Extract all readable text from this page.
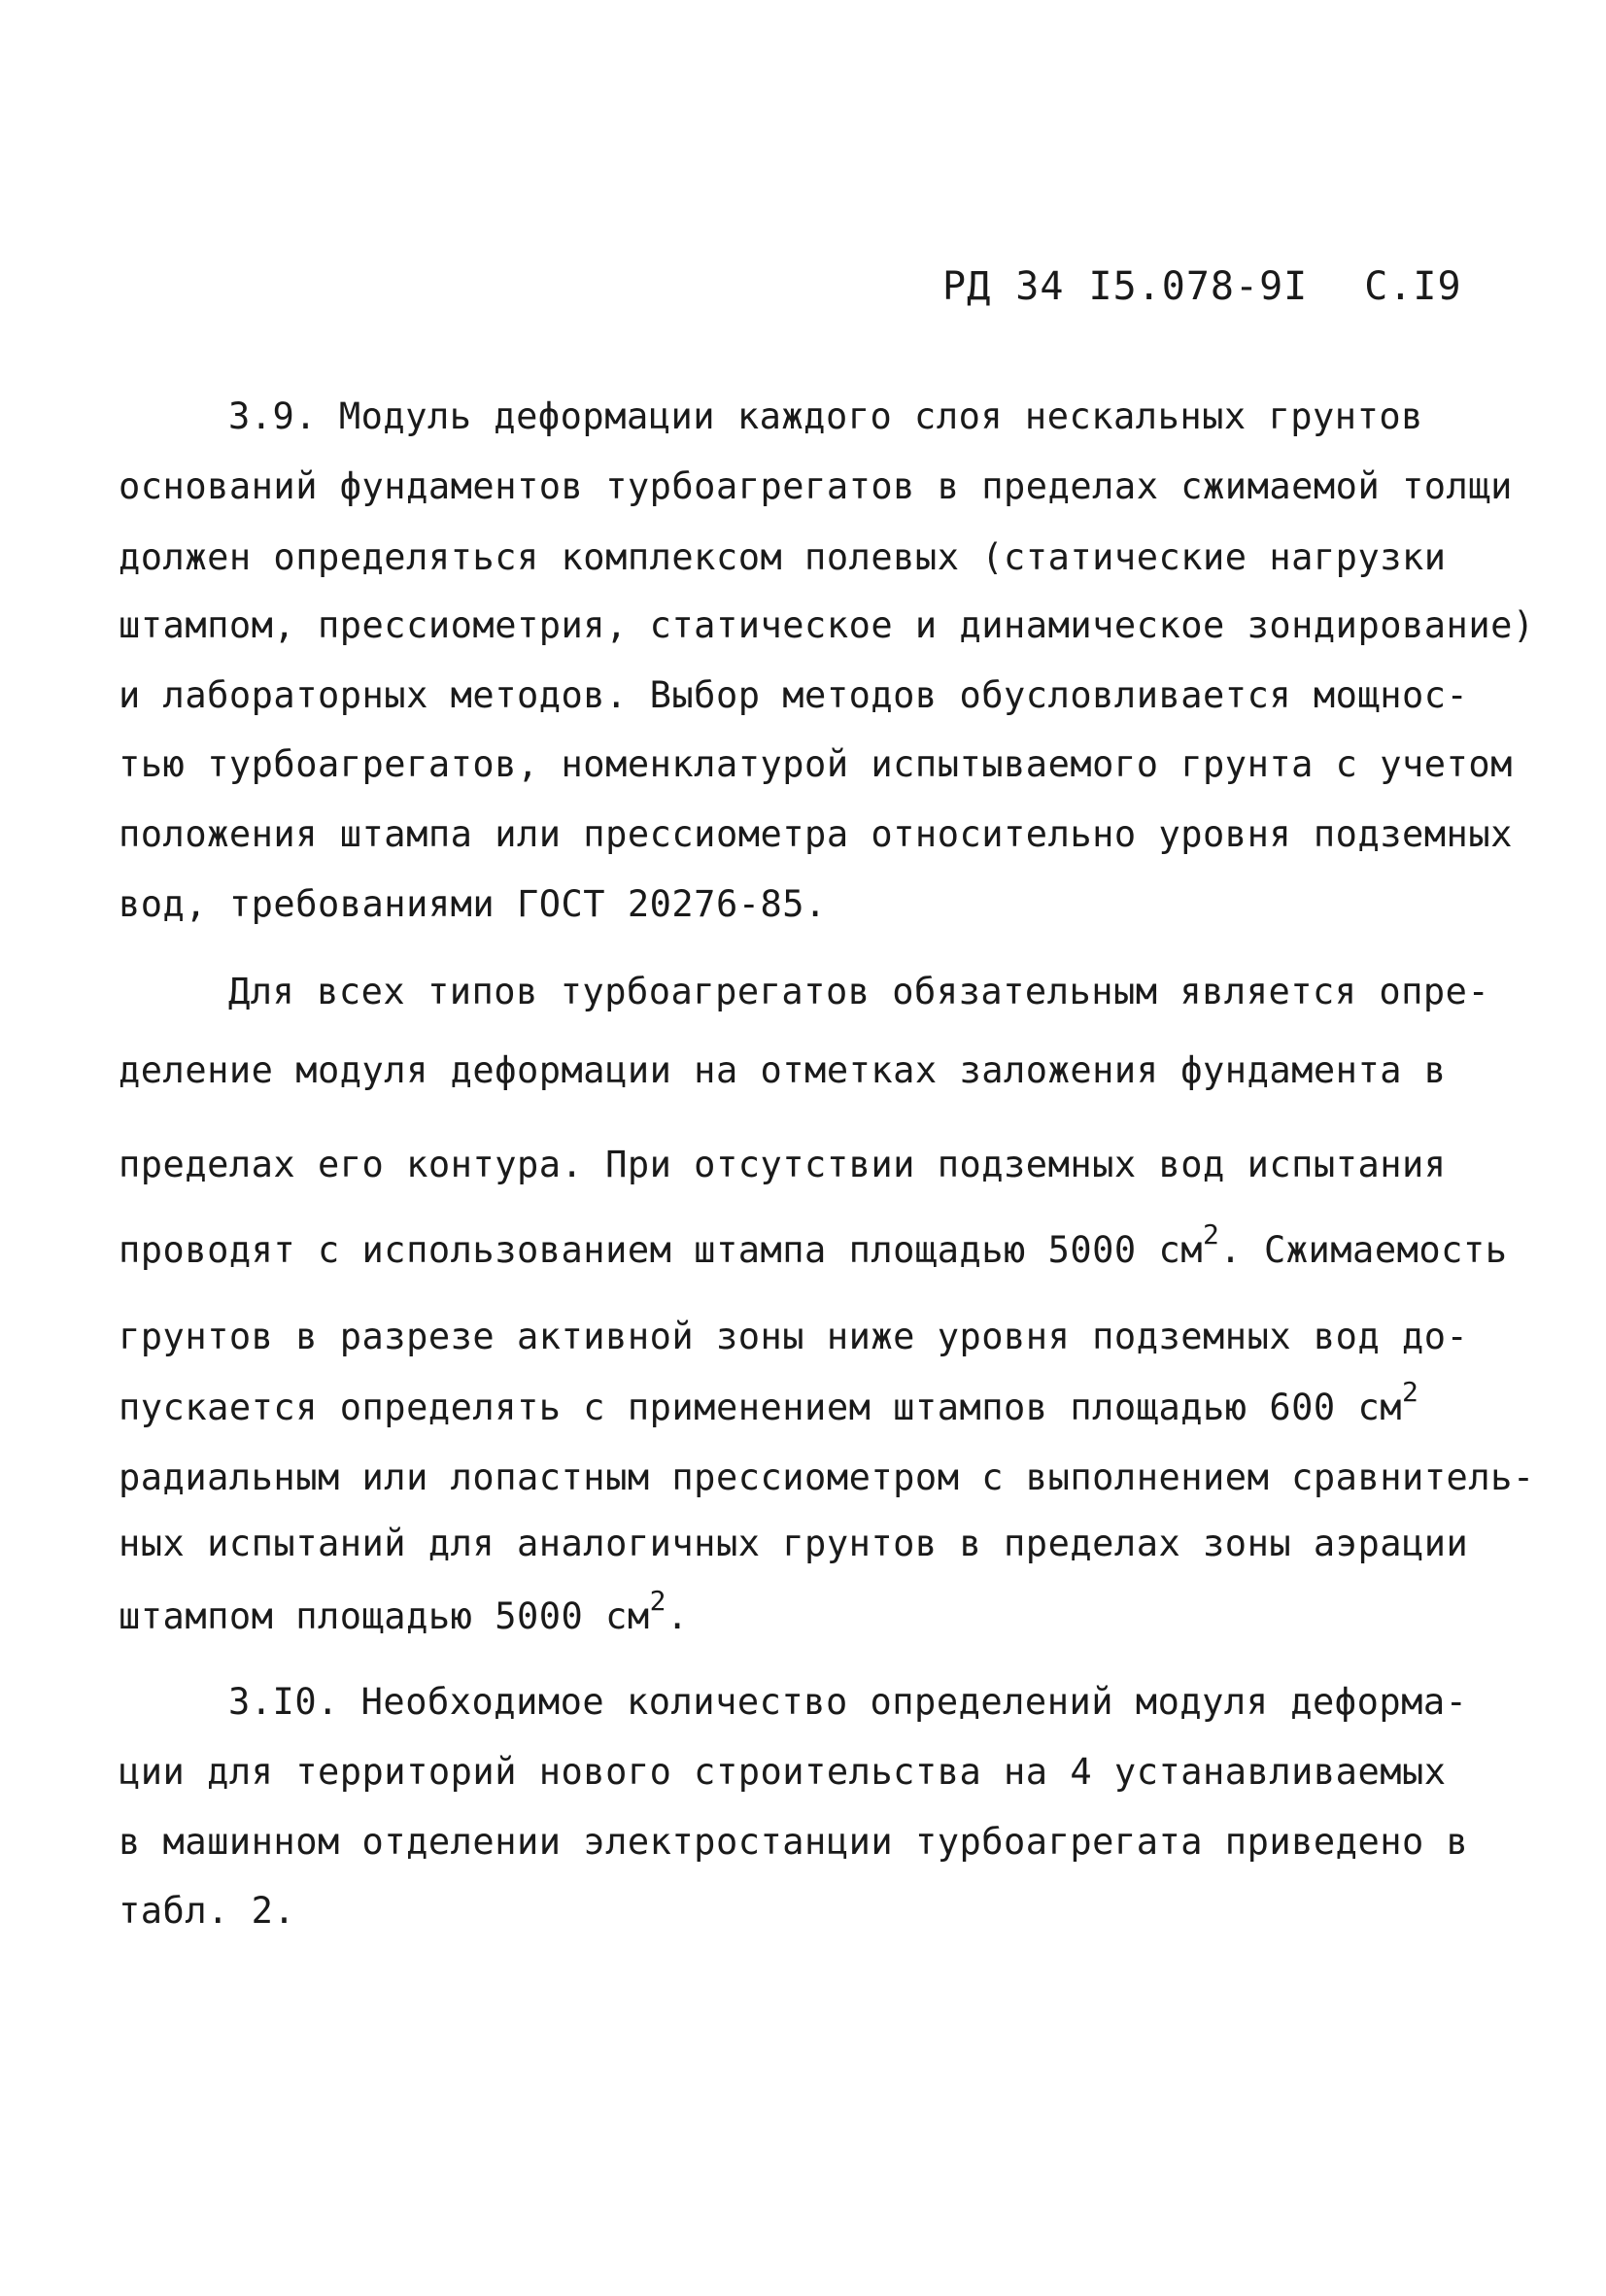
РД 34 I5.078-9I С.I9
3.9. Модуль деформации каждого слоя нескальных грунтов
оснований фундаментов турбоагрегатов в пределах сжимаемой толщи
должен определяться комплексом полевых (статические нагрузки
штампом, прессиометрия, статическое и динамическое зондирование)
и лабораторных методов. Выбор методов обусловливается мощнос-
тью турбоагрегатов, номенклатурой испытываемого грунта с учетом
положения штампа или прессиометра относительно уровня подземных
вод, требованиями ГОСТ 20276-85.
Для всех типов турбоагрегатов обязательным является опре-
деление модуля деформации на отметках заложения фундамента в
пределах его контура. При отсутствии подземных вод испытания
проводят с использованием штампа площадью 5000 $см^2$. Сжимаемость
грунтов в разрезе активной зоны ниже уровня подземных вод до-
пускается определять с применением штампов площадью 600 $см^2$
радиальным или лопастным прессиометром с выполнением сравнитель-
ных испытаний для аналогичных грунтов в пределах зоны аэрации
штампом площадью 5000 $см^2$.
3.I0. Необходимое количество определений модуля деформа-
ции для территорий нового строительства на 4 устанавливаемых
в машинном отделении электростанции турбоагрегата приведено в
табл. 2.
